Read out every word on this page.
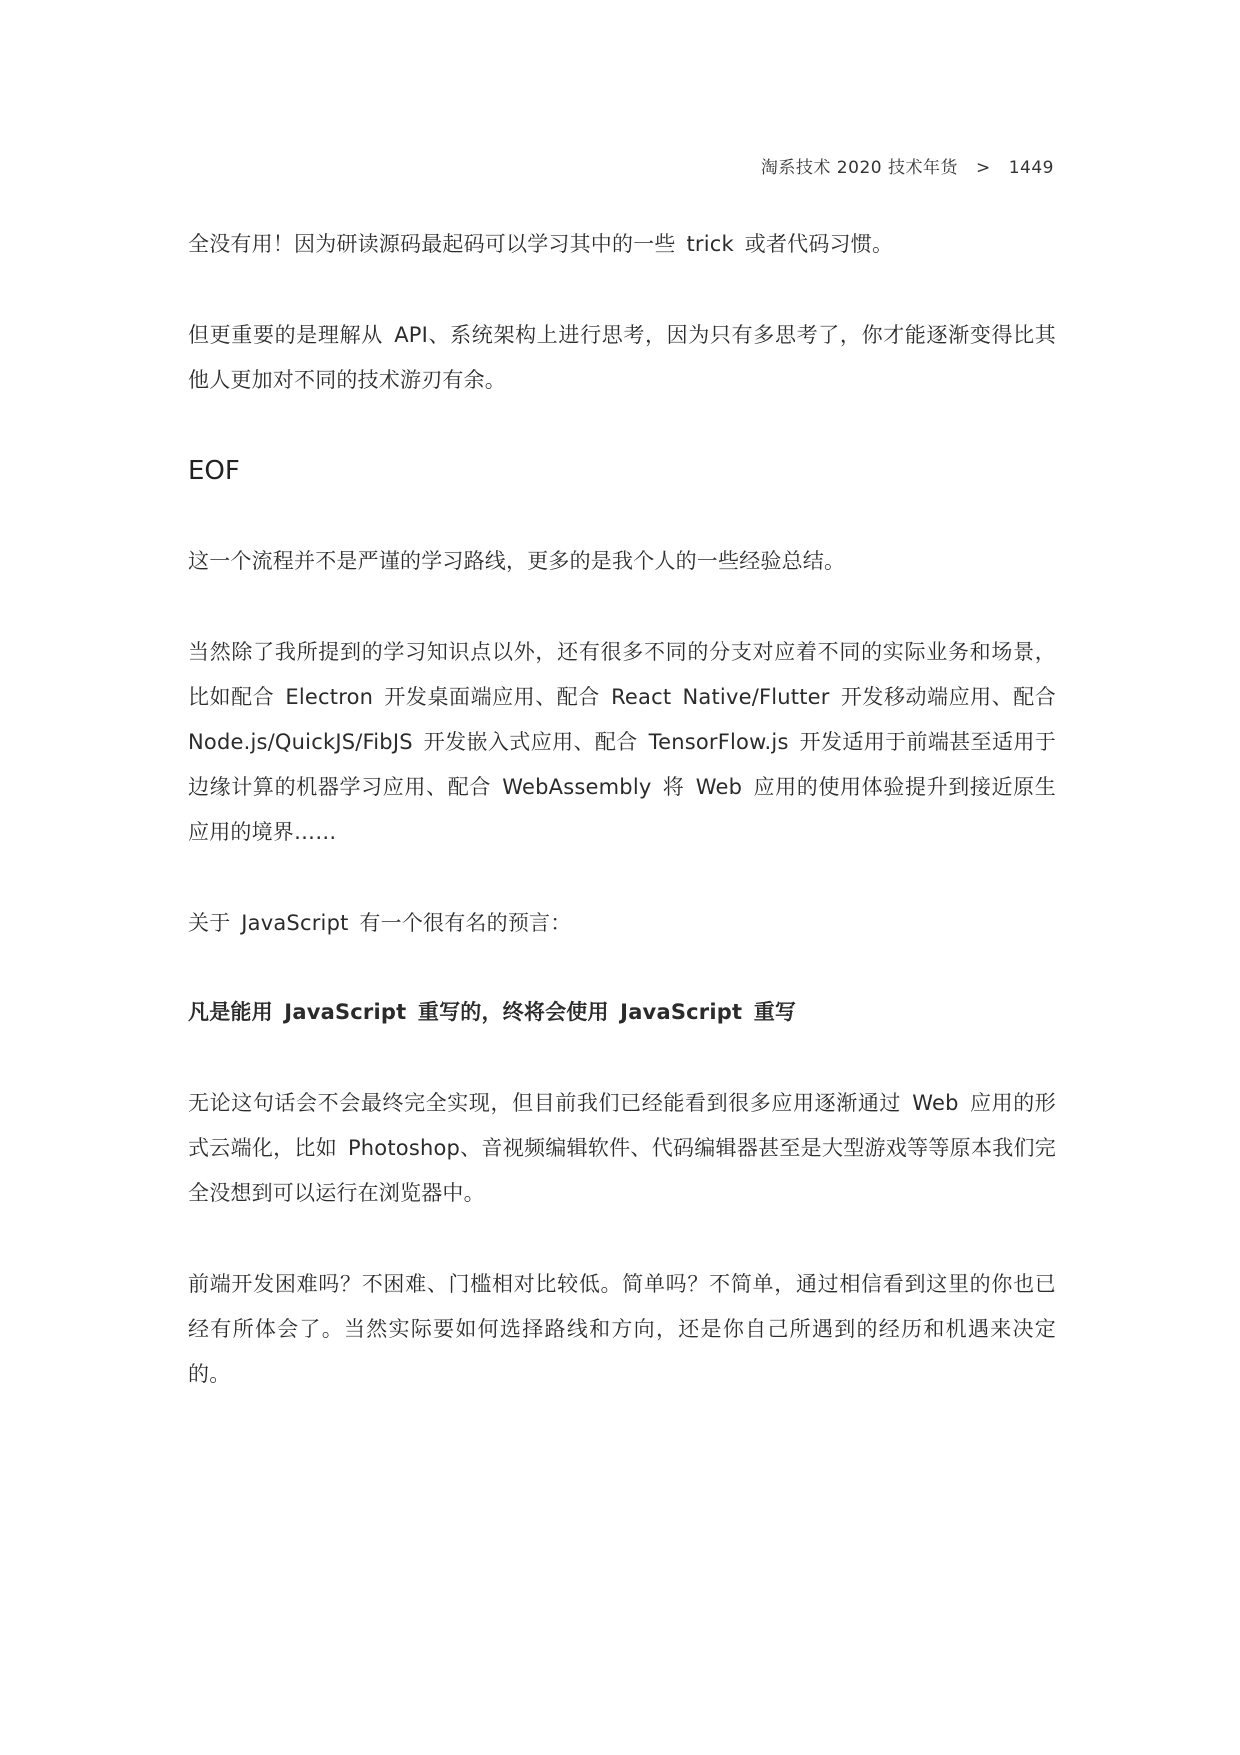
淘系技术 2020 技术年货 > 1449

全没有用！因为研读源码最起码可以学习其中的一些 trick 或者代码习惯。

但更重要的是理解从 API、系统架构上进行思考，因为只有多思考了，你才能逐渐变得比其他人更加对不同的技术游刃有余。

EOF

这一个流程并不是严谨的学习路线，更多的是我个人的一些经验总结。

当然除了我所提到的学习知识点以外，还有很多不同的分支对应着不同的实际业务和场景，比如配合 Electron 开发桌面端应用、配合 React Native/Flutter 开发移动端应用、配合 Node.js/QuickJS/FibJS 开发嵌入式应用、配合 TensorFlow.js 开发适用于前端甚至适用于边缘计算的机器学习应用、配合 WebAssembly 将 Web 应用的使用体验提升到接近原生应用的境界……

关于 JavaScript 有一个很有名的预言：

凡是能用 JavaScript 重写的，终将会使用 JavaScript 重写

无论这句话会不会最终完全实现，但目前我们已经能看到很多应用逐渐通过 Web 应用的形式云端化，比如 Photoshop、音视频编辑软件、代码编辑器甚至是大型游戏等等原本我们完全没想到可以运行在浏览器中。

前端开发困难吗？不困难、门槛相对比较低。简单吗？不简单，通过相信看到这里的你也已经有所体会了。当然实际要如何选择路线和方向，还是你自己所遇到的经历和机遇来决定的。
